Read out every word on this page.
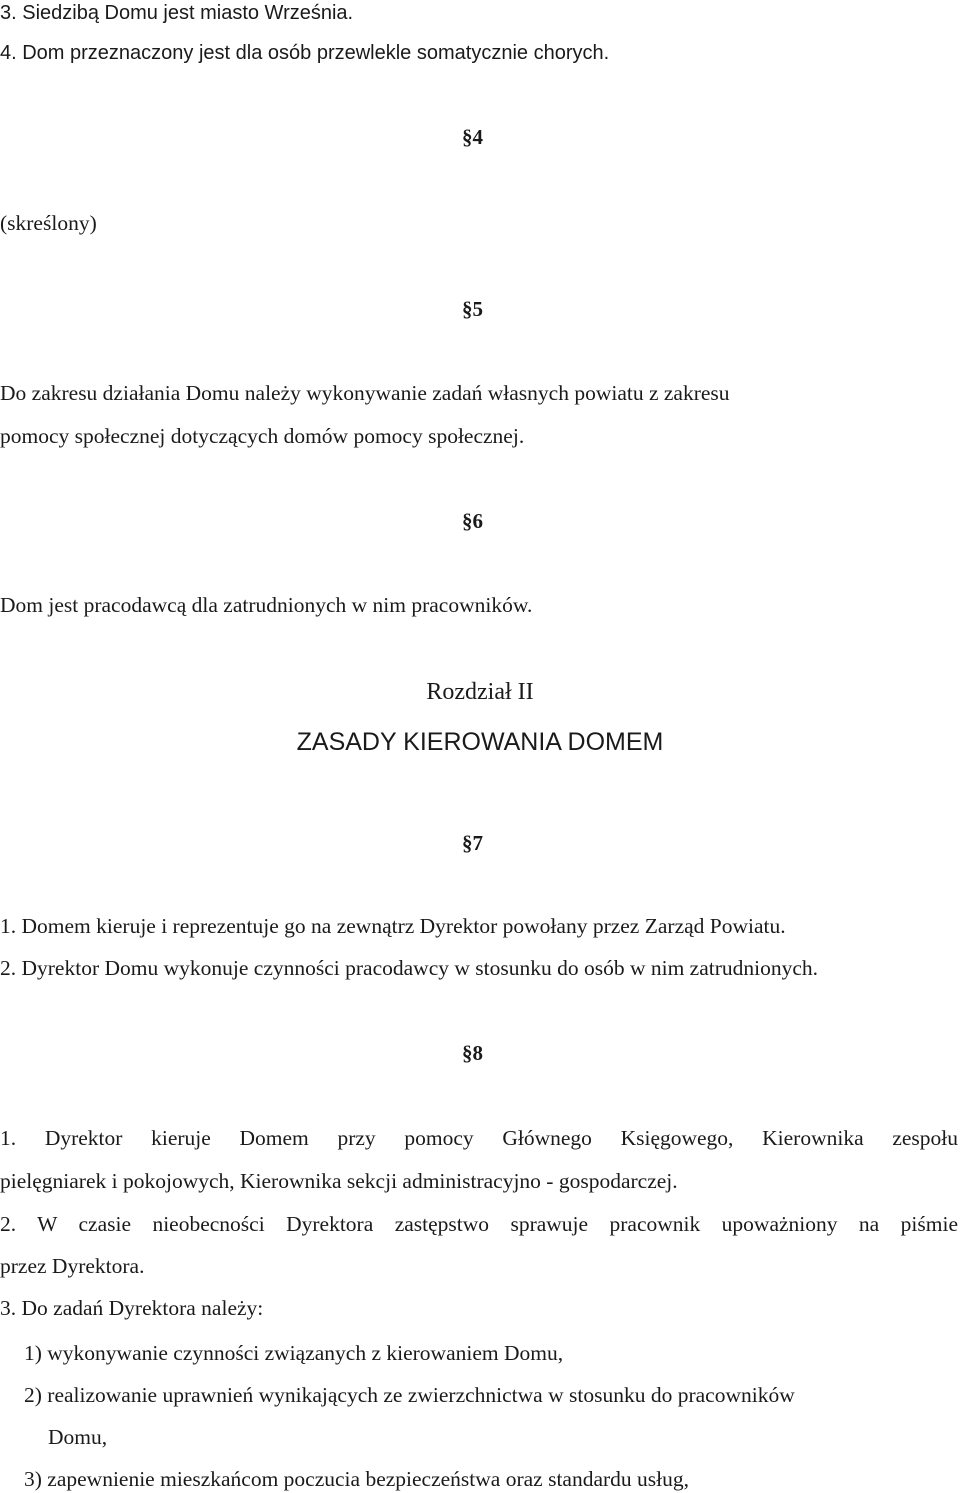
3. Siedzibą Domu jest miasto Września.
4. Dom przeznaczony jest dla osób przewlekle somatycznie chorych.
§4
(skreślony)
§5
Do zakresu działania Domu należy wykonywanie zadań własnych powiatu z zakresu
pomocy społecznej dotyczących domów pomocy społecznej.
§6
Dom jest pracodawcą dla zatrudnionych w nim pracowników.
Rozdział II
ZASADY KIEROWANIA DOMEM
§7
1. Domem kieruje i reprezentuje go na zewnątrz Dyrektor powołany przez Zarząd Powiatu.
2. Dyrektor Domu wykonuje czynności pracodawcy w stosunku do osób w nim zatrudnionych.
§8
1. Dyrektor kieruje Domem przy pomocy Głównego Księgowego, Kierownika zespołu
pielęgniarek i pokojowych, Kierownika sekcji administracyjno - gospodarczej.
2. W czasie nieobecności Dyrektora zastępstwo sprawuje pracownik upoważniony na piśmie
przez Dyrektora.
3. Do zadań Dyrektora należy:
1) wykonywanie czynności związanych z kierowaniem Domu,
2) realizowanie uprawnień wynikających ze zwierzchnictwa w stosunku do pracowników
Domu,
3) zapewnienie mieszkańcom poczucia bezpieczeństwa oraz standardu usług,
